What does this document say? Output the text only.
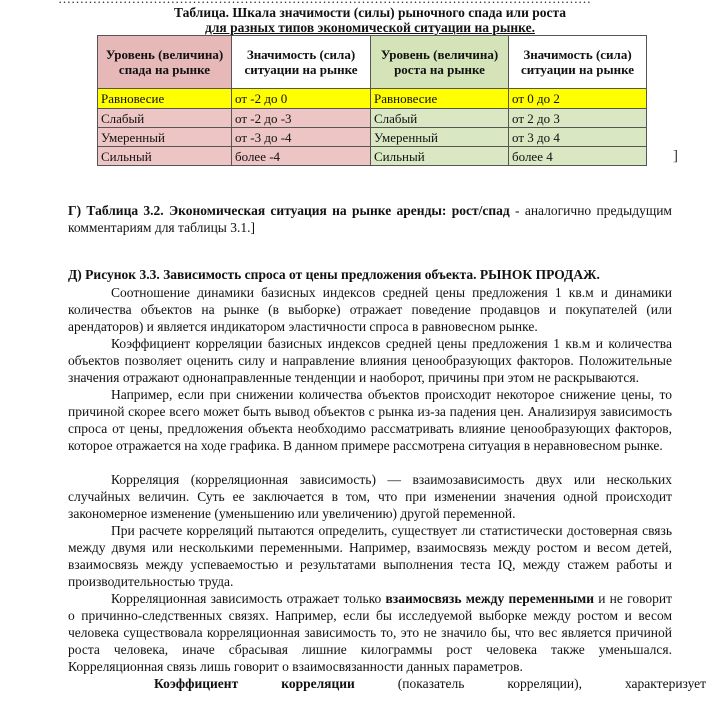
Таблица. Шкала значимости (силы) рыночного спада или роста
для разных типов экономической ситуации на рынке.
Уровень (величина) спада на рынке	Значимость (сила) ситуации на рынке	Уровень (величина) роста на рынке	Значимость (сила) ситуации на рынке
Равновесие	от -2 до 0	Равновесие	от 0 до 2
Слабый	от -2 до -3	Слабый	от 2 до 3
Умеренный	от -3 до -4	Умеренный	от 3 до 4
Сильный	более -4	Сильный	более 4	]
Г) Таблица 3.2. Экономическая ситуация на рынке аренды: рост/спад - аналогично предыдущим комментариям для таблицы 3.1.]
Д) Рисунок 3.3. Зависимость спроса от цены предложения объекта. РЫНОК ПРОДАЖ.

Соотношение динамики базисных индексов средней цены предложения 1 кв.м и динамики количества объектов на рынке (в выборке) отражает поведение продавцов и покупателей (или арендаторов) и является индикатором эластичности спроса в равновесном рынке.

Коэффициент корреляции базисных индексов средней цены предложения 1 кв.м и количества объектов позволяет оценить силу и направление влияния ценообразующих факторов. Положительные значения отражают однонаправленные тенденции и наоборот, причины при этом не раскрываются.

Например, если при снижении количества объектов происходит некоторое снижение цены, то причиной скорее всего может быть вывод объектов с рынка из-за падения цен. Анализируя зависимость спроса от цены, предложения объекта необходимо рассматривать влияние ценообразующих факторов, которое отражается на ходе графика. В данном примере рассмотрена ситуация в неравновесном рынке.

Корреляция (корреляционная зависимость) — взаимозависимость двух или нескольких случайных величин. Суть ее заключается в том, что при изменении значения одной происходит закономерное изменение (уменьшению или увеличению) другой переменной.

При расчете корреляций пытаются определить, существует ли статистически достоверная связь между двумя или несколькими переменными. Например, взаимосвязь между ростом и весом детей, взаимосвязь между успеваемостью и результатами выполнения теста IQ, между стажем работы и производительностью труда.

Корреляционная зависимость отражает только взаимосвязь между переменными и не говорит о причинно-следственных связях. Например, если бы исследуемой выборке между ростом и весом человека существовала корреляционная зависимость то, это не значило бы, что вес является причиной роста человека, иначе сбрасывая лишние килограммы рост человека также уменьшался. Корреляционная связь лишь говорит о взаимосвязанности данных параметров.

Коэффициент	корреляции	(показатель	корреляции),	характеризует
